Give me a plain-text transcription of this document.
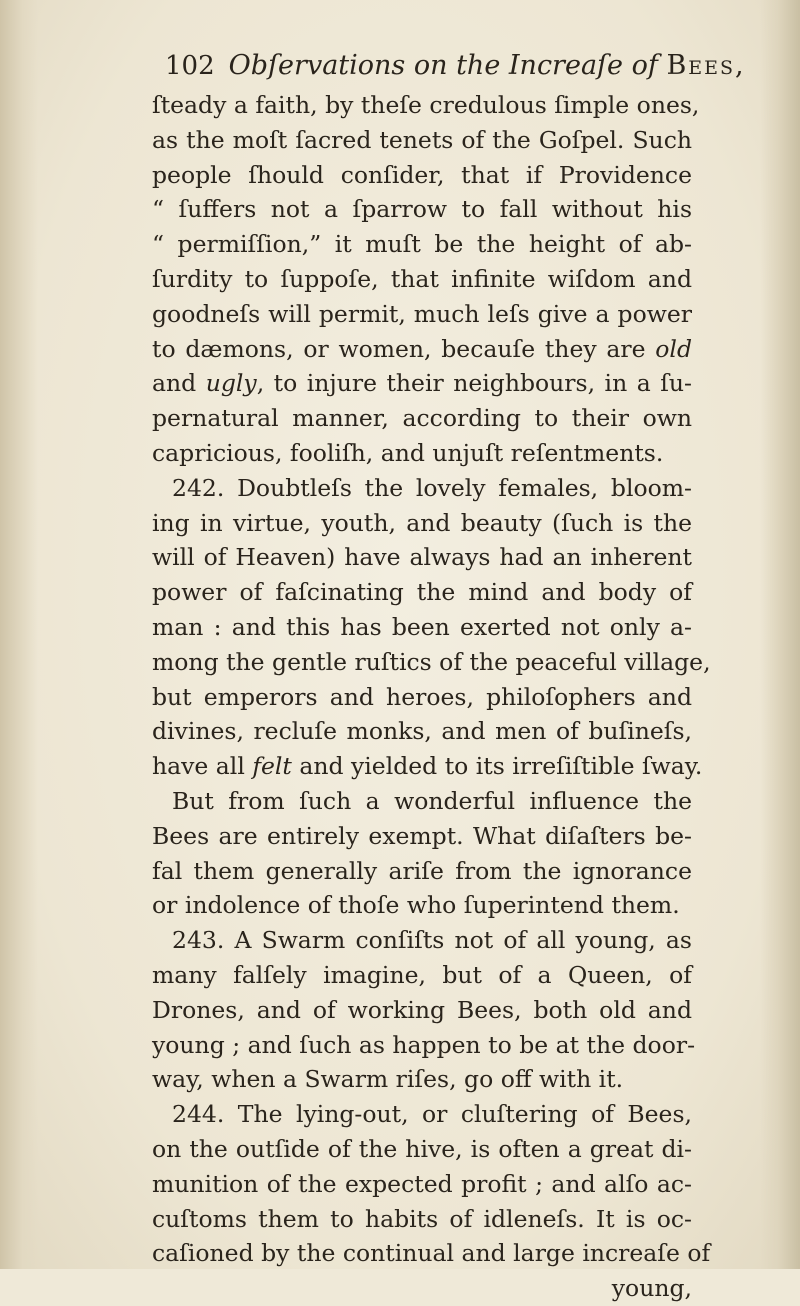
102 Obſervations on the Increaſe of Bees,
ſteady a faith, by theſe credulous ſimple ones,
as the moſt ſacred tenets of the Goſpel. Such
people ſhould conſider, that if Providence
“ ſuffers not a ſparrow to fall without his
“ permiſſion,” it muſt be the height of ab-
ſurdity to ſuppoſe, that infinite wiſdom and
goodneſs will permit, much leſs give a power
to dæmons, or women, becauſe they are old
and ugly, to injure their neighbours, in a ſu-
pernatural manner, according to their own
capricious, fooliſh, and unjuſt reſentments.
242. Doubtleſs the lovely females, bloom-
ing in virtue, youth, and beauty (ſuch is the
will of Heaven) have always had an inherent
power of faſcinating the mind and body of
man : and this has been exerted not only a-
mong the gentle ruſtics of the peaceful village,
but emperors and heroes, philoſophers and
divines, recluſe monks, and men of buſineſs,
have all felt and yielded to its irreſiſtible ſway.
But from ſuch a wonderful influence the
Bees are entirely exempt. What diſaſters be-
fal them generally ariſe from the ignorance
or indolence of thoſe who ſuperintend them.
243. A Swarm conſiſts not of all young, as
many falſely imagine, but of a Queen, of
Drones, and of working Bees, both old and
young ; and ſuch as happen to be at the door-
way, when a Swarm riſes, go off with it.
244. The lying-out, or cluſtering of Bees,
on the outſide of the hive, is often a great di-
munition of the expected profit ; and alſo ac-
cuſtoms them to habits of idleneſs. It is oc-
caſioned by the continual and large increaſe of
young,
